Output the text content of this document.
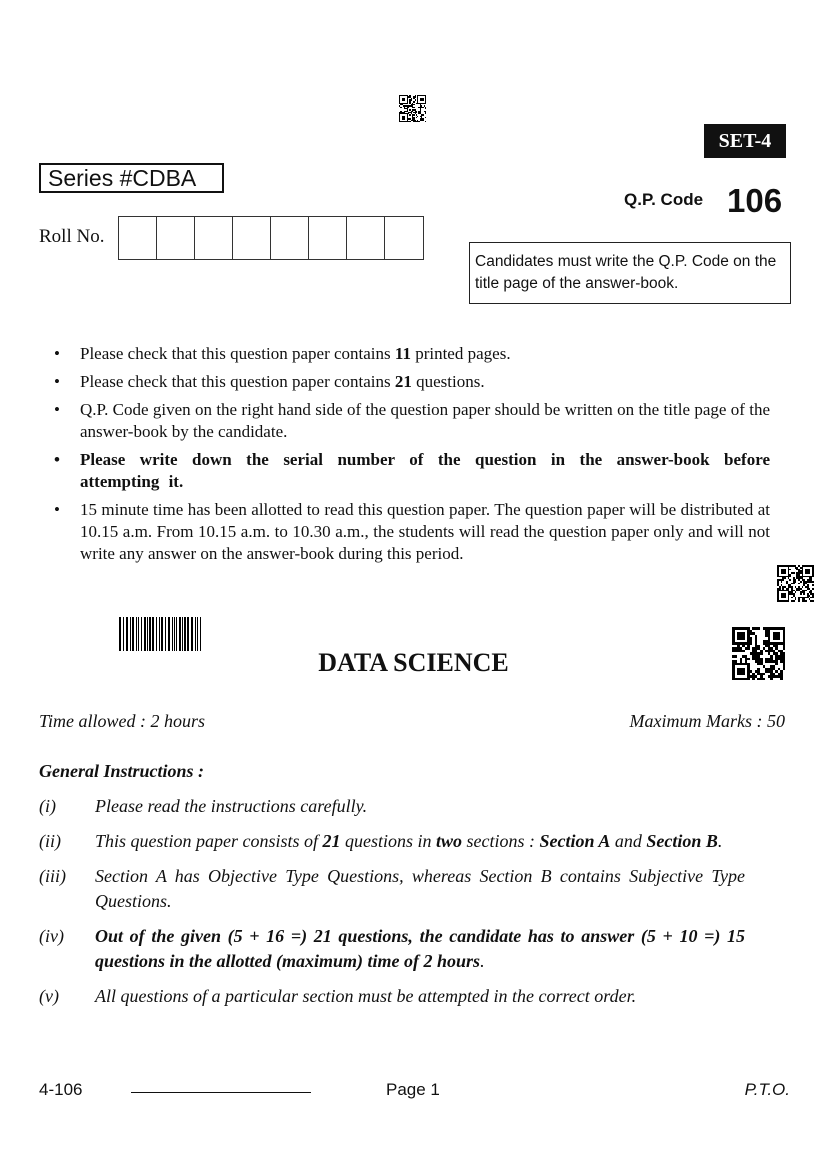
SET-4
Series #CDBA
Q.P. Code 106
Roll No.
Candidates must write the Q.P. Code on the title page of the answer-book.
• Please check that this question paper contains 11 printed pages.
• Please check that this question paper contains 21 questions.
• Q.P. Code given on the right hand side of the question paper should be written on the title page of the answer-book by the candidate.
• Please write down the serial number of the question in the answer-book before attempting it.
• 15 minute time has been allotted to read this question paper. The question paper will be distributed at 10.15 a.m. From 10.15 a.m. to 10.30 a.m., the students will read the question paper only and will not write any answer on the answer-book during this period.
DATA SCIENCE
Time allowed : 2 hours	Maximum Marks : 50
General Instructions :
(i)	Please read the instructions carefully.
(ii)	This question paper consists of 21 questions in two sections : Section A and Section B.
(iii)	Section A has Objective Type Questions, whereas Section B contains Subjective Type Questions.
(iv)	Out of the given (5 + 16 =) 21 questions, the candidate has to answer (5 + 10 =) 15 questions in the allotted (maximum) time of 2 hours.
(v)	All questions of a particular section must be attempted in the correct order.
4-106	Page 1	P.T.O.
